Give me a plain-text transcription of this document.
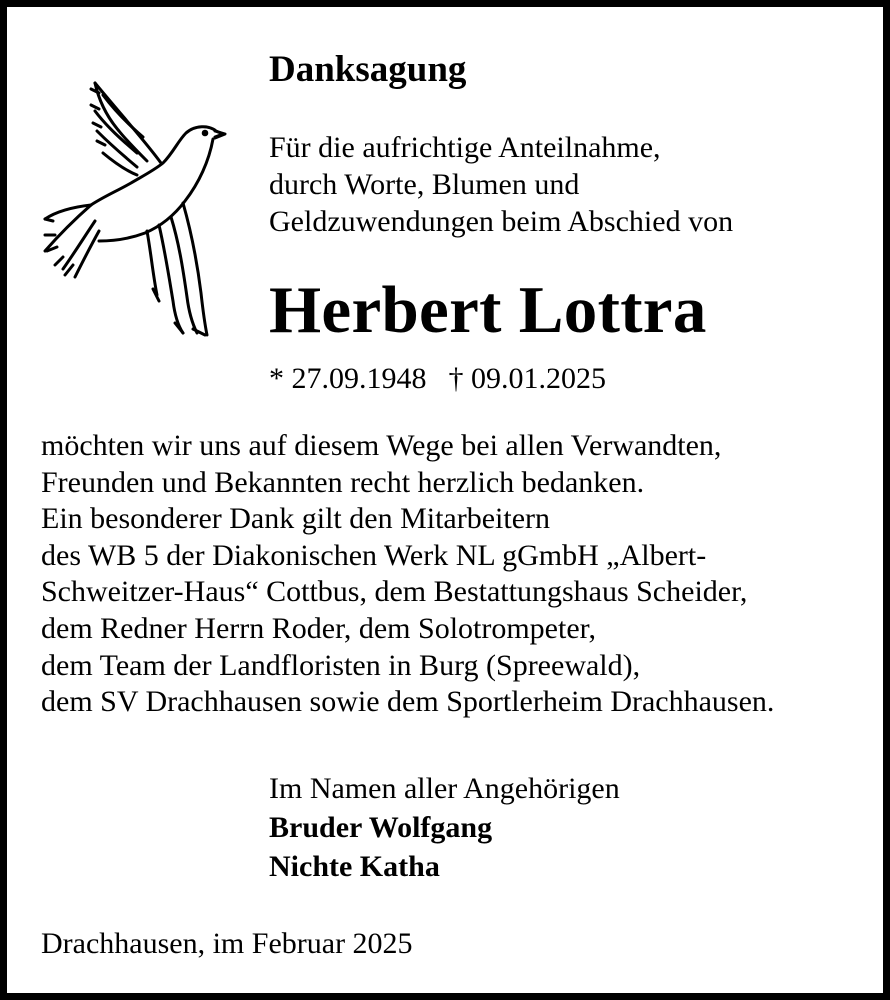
Danksagung
Für die aufrichtige Anteilnahme,
durch Worte, Blumen und
Geldzuwendungen beim Abschied von
Herbert Lottra
* 27.09.1948 † 09.01.2025
möchten wir uns auf diesem Wege bei allen Verwandten,
Freunden und Bekannten recht herzlich bedanken.
Ein besonderer Dank gilt den Mitarbeitern
des WB 5 der Diakonischen Werk NL gGmbH „Albert-
Schweitzer-Haus“ Cottbus, dem Bestattungshaus Scheider,
dem Redner Herrn Roder, dem Solotrompeter,
dem Team der Landfloristen in Burg (Spreewald),
dem SV Drachhausen sowie dem Sportlerheim Drachhausen.
Im Namen aller Angehörigen
Bruder Wolfgang
Nichte Katha
Drachhausen, im Februar 2025
